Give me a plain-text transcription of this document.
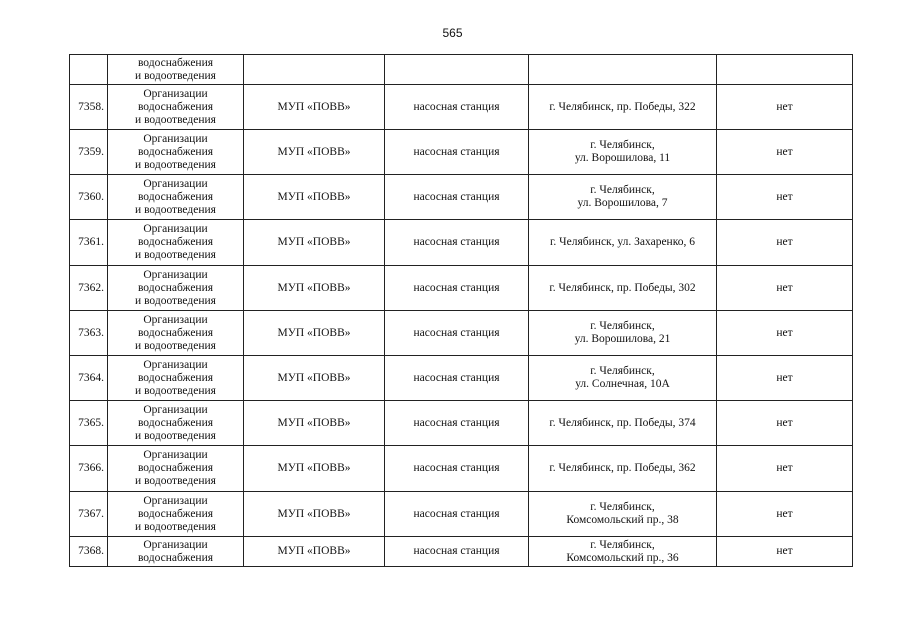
565

	водоснабжения
и водоотведения				

7358.	Организации
водоснабжения
и водоотведения	МУП «ПОВВ»	насосная станция	г. Челябинск, пр. Победы, 322	нет
7359.	Организации
водоснабжения
и водоотведения	МУП «ПОВВ»	насосная станция	г. Челябинск,
ул. Ворошилова, 11	нет
7360.	Организации
водоснабжения
и водоотведения	МУП «ПОВВ»	насосная станция	г. Челябинск,
ул. Ворошилова, 7	нет
7361.	Организации
водоснабжения
и водоотведения	МУП «ПОВВ»	насосная станция	г. Челябинск, ул. Захаренко, 6	нет
7362.	Организации
водоснабжения
и водоотведения	МУП «ПОВВ»	насосная станция	г. Челябинск, пр. Победы, 302	нет
7363.	Организации
водоснабжения
и водоотведения	МУП «ПОВВ»	насосная станция	г. Челябинск,
ул. Ворошилова, 21	нет
7364.	Организации
водоснабжения
и водоотведения	МУП «ПОВВ»	насосная станция	г. Челябинск,
ул. Солнечная, 10А	нет
7365.	Организации
водоснабжения
и водоотведения	МУП «ПОВВ»	насосная станция	г. Челябинск, пр. Победы, 374	нет
7366.	Организации
водоснабжения
и водоотведения	МУП «ПОВВ»	насосная станция	г. Челябинск, пр. Победы, 362	нет
7367.	Организации
водоснабжения
и водоотведения	МУП «ПОВВ»	насосная станция	г. Челябинск,
Комсомольский пр., 38	нет
7368.	Организации
водоснабжения	МУП «ПОВВ»	насосная станция	г. Челябинск,
Комсомольский пр., 36	нет
